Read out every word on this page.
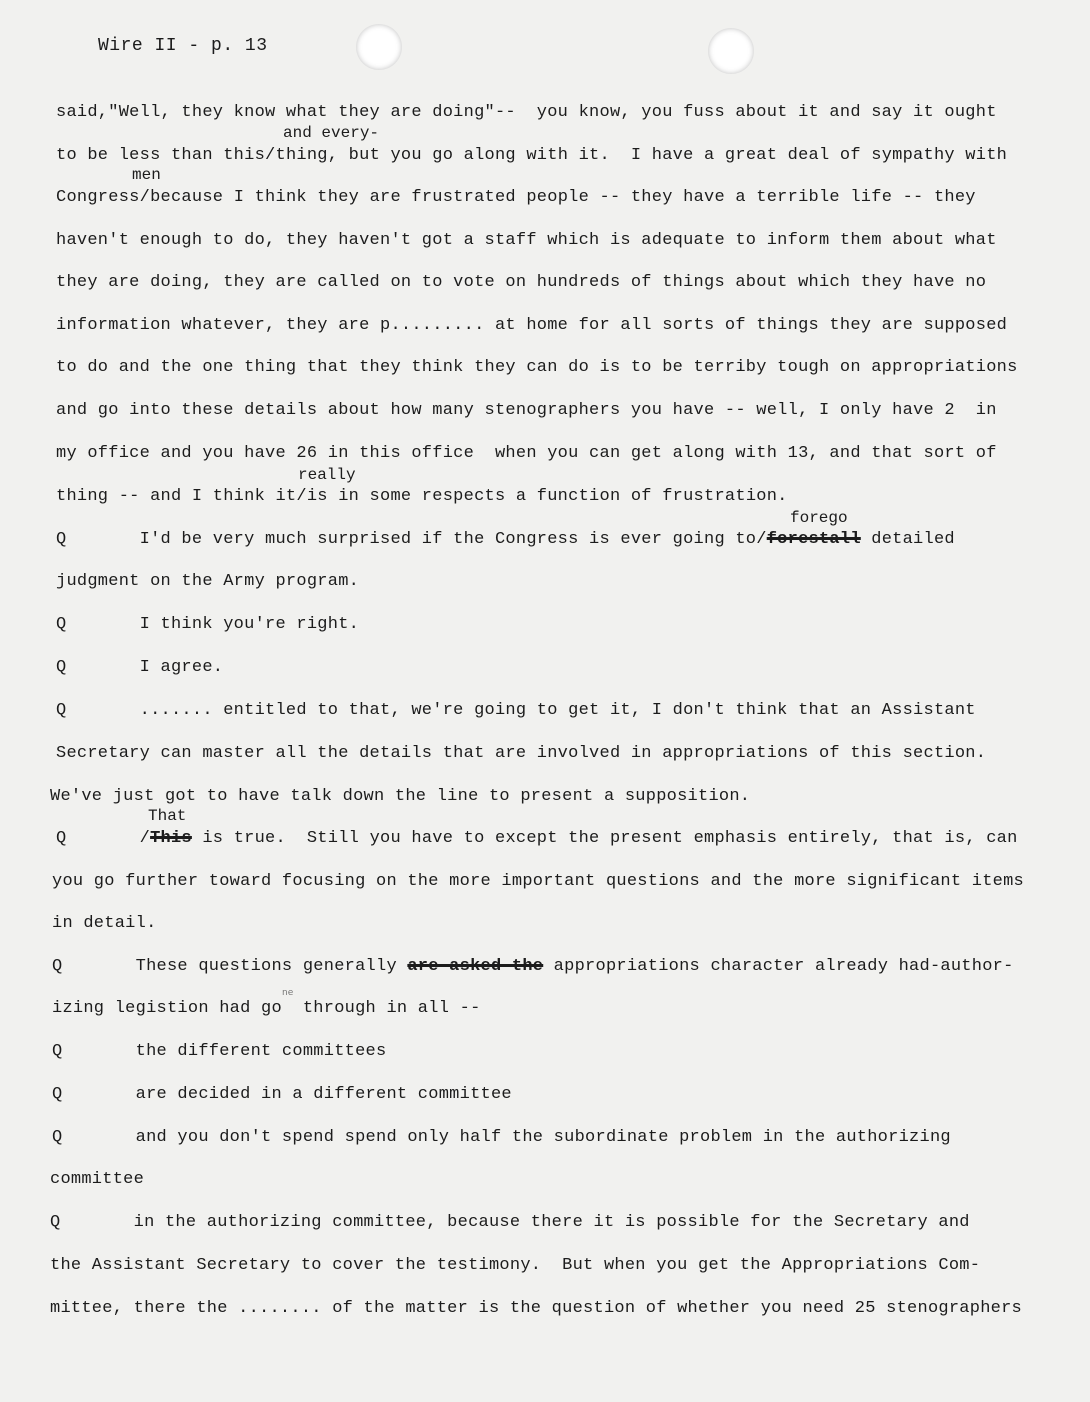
Wire II - p. 13
and every-
men
really
forego
That
said,"Well, they know what they are doing"--  you know, you fuss about it and say it ought
to be less than this/thing, but you go along with it.  I have a great deal of sympathy with
Congress/because I think they are frustrated people -- they have a terrible life -- they
haven't enough to do, they haven't got a staff which is adequate to inform them about what
they are doing, they are called on to vote on hundreds of things about which they have no
information whatever, they are p......... at home for all sorts of things they are supposed
to do and the one thing that they think they can do is to be terriby tough on appropriations
and go into these details about how many stenographers you have -- well, I only have 2  in
my office and you have 26 in this office  when you can get along with 13, and that sort of
thing -- and I think it/is in some respects a function of frustration.
Q       I'd be very much surprised if the Congress is ever going to/forestall detailed
judgment on the Army program.
Q       I think you're right.
Q       I agree.
Q       ....... entitled to that, we're going to get it, I don't think that an Assistant
Secretary can master all the details that are involved in appropriations of this section.
We've just got to have talk down the line to present a supposition.
Q       /This is true.  Still you have to except the present emphasis entirely, that is, can
you go further toward focusing on the more important questions and the more significant items
in detail.
Q       These questions generally are asked the appropriations character already had-author-
ne
izing legistion had go  through in all --
Q       the different committees
Q       are decided in a different committee
Q       and you don't spend spend only half the subordinate problem in the authorizing
committee
Q       in the authorizing committee, because there it is possible for the Secretary and
the Assistant Secretary to cover the testimony.  But when you get the Appropriations Com-
mittee, there the ........ of the matter is the question of whether you need 25 stenographers
